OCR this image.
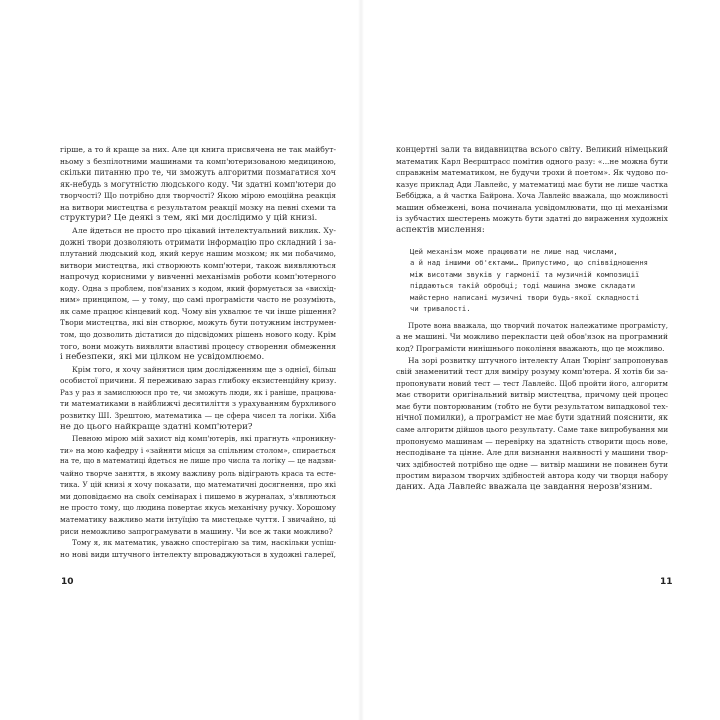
гірше, а то й краще за них. Але ця книга присвячена не так майбут-
ньому з безпілотними машинами та комп'ютеризованою медициною,
скільки питанню про те, чи зможуть алгоритми позмагатися хоч
як-небудь з могутністю людського коду. Чи здатні комп'ютери до
творчості? Що потрібно для творчості? Якою мірою емоційна реакція
на витвори мистецтва є результатом реакції мозку на певні схеми та
структури? Це деякі з тем, які ми дослідимо у цій книзі.
Але йдеться не просто про цікавий інтелектуальний виклик. Ху-
дожні твори дозволяють отримати інформацію про складний і за-
плутаний людський код, який керує нашим мозком; як ми побачимо,
витвори мистецтва, які створюють комп'ютери, також виявляються
напрочуд корисними у вивченні механізмів роботи комп'ютерного
коду. Одна з проблем, пов'язаних з кодом, який формується за «висхід-
ним» принципом, — у тому, що самі програмісти часто не розуміють,
як саме працює кінцевий код. Чому він ухвалює те чи інше рішення?
Твори мистецтва, які він створює, можуть бути потужним інструмен-
том, що дозволить дістатися до підсвідомих рішень нового коду. Крім
того, вони можуть виявляти властиві процесу створення обмеження
і небезпеки, які ми цілком не усвідомлюємо.
Крім того, я хочу зайнятися цим дослідженням ще з однієї, більш
особистої причини. Я переживаю зараз глибоку екзистенційну кризу.
Раз у раз я замислююся про те, чи зможуть люди, як і раніше, працюва-
ти математиками в найближчі десятиліття з урахуванням бурхливого
розвитку ШІ. Зрештою, математика — це сфера чисел та логіки. Хіба
не до цього найкраще здатні комп'ютери?
Певною мірою мій захист від комп'ютерів, які прагнуть «проникну-
ти» на мою кафедру і «зайняти місця за спільним столом», спирається
на те, що в математиці йдеться не лише про числа та логіку — це надзви-
чайно творче заняття, в якому важливу роль відіграють краса та есте-
тика. У цій книзі я хочу показати, що математичні досягнення, про які
ми доповідаємо на своїх семінарах і пишемо в журналах, з'являються
не просто тому, що людина повертає якусь механічну ручку. Хорошому
математику важливо мати інтуїцію та мистецьке чуття. І звичайно, ці
риси неможливо запрограмувати в машину. Чи все ж таки можливо?
Тому я, як математик, уважно спостерігаю за тим, наскільки успіш-
но нові види штучного інтелекту впроваджуються в художні галереї,
концертні зали та видавництва всього світу. Великий німецький
математик Карл Веєрштрасс помітив одного разу: «...не можна бути
справжнім математиком, не будучи трохи й поетом». Як чудово по-
казує приклад Ади Лавлейс, у математиці має бути не лише частка
Беббіджа, а й частка Байрона. Хоча Лавлейс вважала, що можливості
машин обмежені, вона починала усвідомлювати, що ці механізми
із зубчастих шестерень можуть бути здатні до вираження художніх
аспектів мислення:
Цей механізм може працювати не лише над числами,
а й над іншими об'єктами… Припустимо, що співвідношення
між висотами звуків у гармонії та музичній композиції
піддаються такій обробці; тоді машина зможе складати
майстерно написані музичні твори будь-якої складності
чи тривалості.
Проте вона вважала, що творчий початок належатиме програмісту,
а не машині. Чи можливо перекласти цей обов'язок на програмний
код? Програмісти нинішнього покоління вважають, що це можливо.
На зорі розвитку штучного інтелекту Алан Тюрінґ запропонував
свій знаменитий тест для виміру розуму комп'ютера. Я хотів би за-
пропонувати новий тест — тест Лавлейс. Щоб пройти його, алгоритм
має створити оригінальний витвір мистецтва, причому цей процес
має бути повторюваним (тобто не бути результатом випадкової тех-
нічної помилки), а програміст не має бути здатний пояснити, як
саме алгоритм дійшов цього результату. Саме таке випробування ми
пропонуємо машинам — перевірку на здатність створити щось нове,
несподіване та цінне. Але для визнання наявності у машини твор-
чих здібностей потрібно ще одне — витвір машини не повинен бути
простим виразом творчих здібностей автора коду чи творця набору
даних. Ада Лавлейс вважала це завдання нерозв'язним.
10	11
